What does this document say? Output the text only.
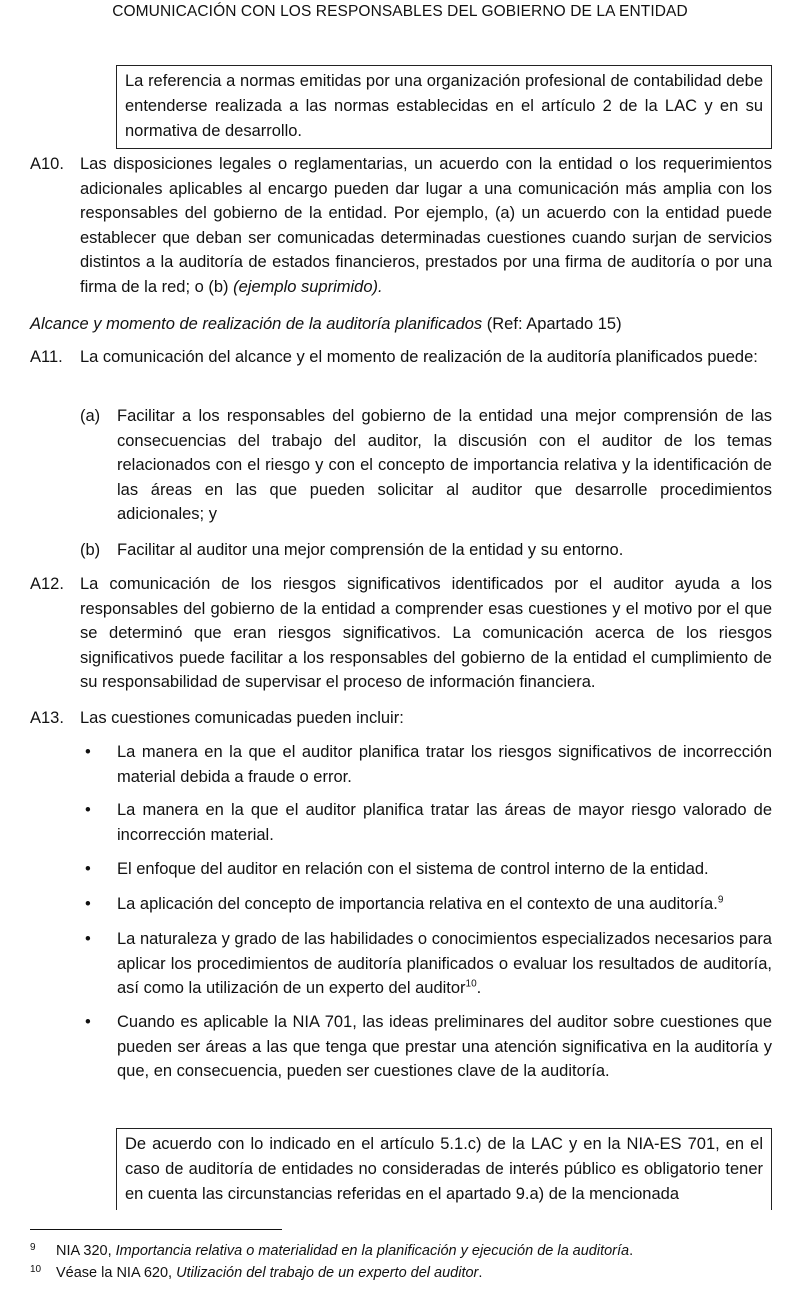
COMUNICACIÓN CON LOS RESPONSABLES DEL GOBIERNO DE LA ENTIDAD
La referencia a normas emitidas por una organización profesional de contabilidad debe entenderse realizada a las normas establecidas en el artículo 2 de la LAC y en su normativa de desarrollo.
A10. Las disposiciones legales o reglamentarias, un acuerdo con la entidad o los requerimientos adicionales aplicables al encargo pueden dar lugar a una comunicación más amplia con los responsables del gobierno de la entidad. Por ejemplo, (a) un acuerdo con la entidad puede establecer que deban ser comunicadas determinadas cuestiones cuando surjan de servicios distintos a la auditoría de estados financieros, prestados por una firma de auditoría o por una firma de la red; o (b) (ejemplo suprimido).
Alcance y momento de realización de la auditoría planificados (Ref: Apartado 15)
A11. La comunicación del alcance y el momento de realización de la auditoría planificados puede:
(a) Facilitar a los responsables del gobierno de la entidad una mejor comprensión de las consecuencias del trabajo del auditor, la discusión con el auditor de los temas relacionados con el riesgo y con el concepto de importancia relativa y la identificación de las áreas en las que pueden solicitar al auditor que desarrolle procedimientos adicionales; y
(b) Facilitar al auditor una mejor comprensión de la entidad y su entorno.
A12. La comunicación de los riesgos significativos identificados por el auditor ayuda a los responsables del gobierno de la entidad a comprender esas cuestiones y el motivo por el que se determinó que eran riesgos significativos. La comunicación acerca de los riesgos significativos puede facilitar a los responsables del gobierno de la entidad el cumplimiento de su responsabilidad de supervisar el proceso de información financiera.
A13. Las cuestiones comunicadas pueden incluir:
• La manera en la que el auditor planifica tratar los riesgos significativos de incorrección material debida a fraude o error.
• La manera en la que el auditor planifica tratar las áreas de mayor riesgo valorado de incorrección material.
• El enfoque del auditor en relación con el sistema de control interno de la entidad.
• La aplicación del concepto de importancia relativa en el contexto de una auditoría.$^9$
• La naturaleza y grado de las habilidades o conocimientos especializados necesarios para aplicar los procedimientos de auditoría planificados o evaluar los resultados de auditoría, así como la utilización de un experto del auditor$^{10}$.
• Cuando es aplicable la NIA 701, las ideas preliminares del auditor sobre cuestiones que pueden ser áreas a las que tenga que prestar una atención significativa en la auditoría y que, en consecuencia, pueden ser cuestiones clave de la auditoría.
De acuerdo con lo indicado en el artículo 5.1.c) de la LAC y en la NIA-ES 701, en el caso de auditoría de entidades no consideradas de interés público es obligatorio tener en cuenta las circunstancias referidas en el apartado 9.a) de la mencionada
9 NIA 320, Importancia relativa o materialidad en la planificación y ejecución de la auditoría.
10 Véase la NIA 620, Utilización del trabajo de un experto del auditor.
